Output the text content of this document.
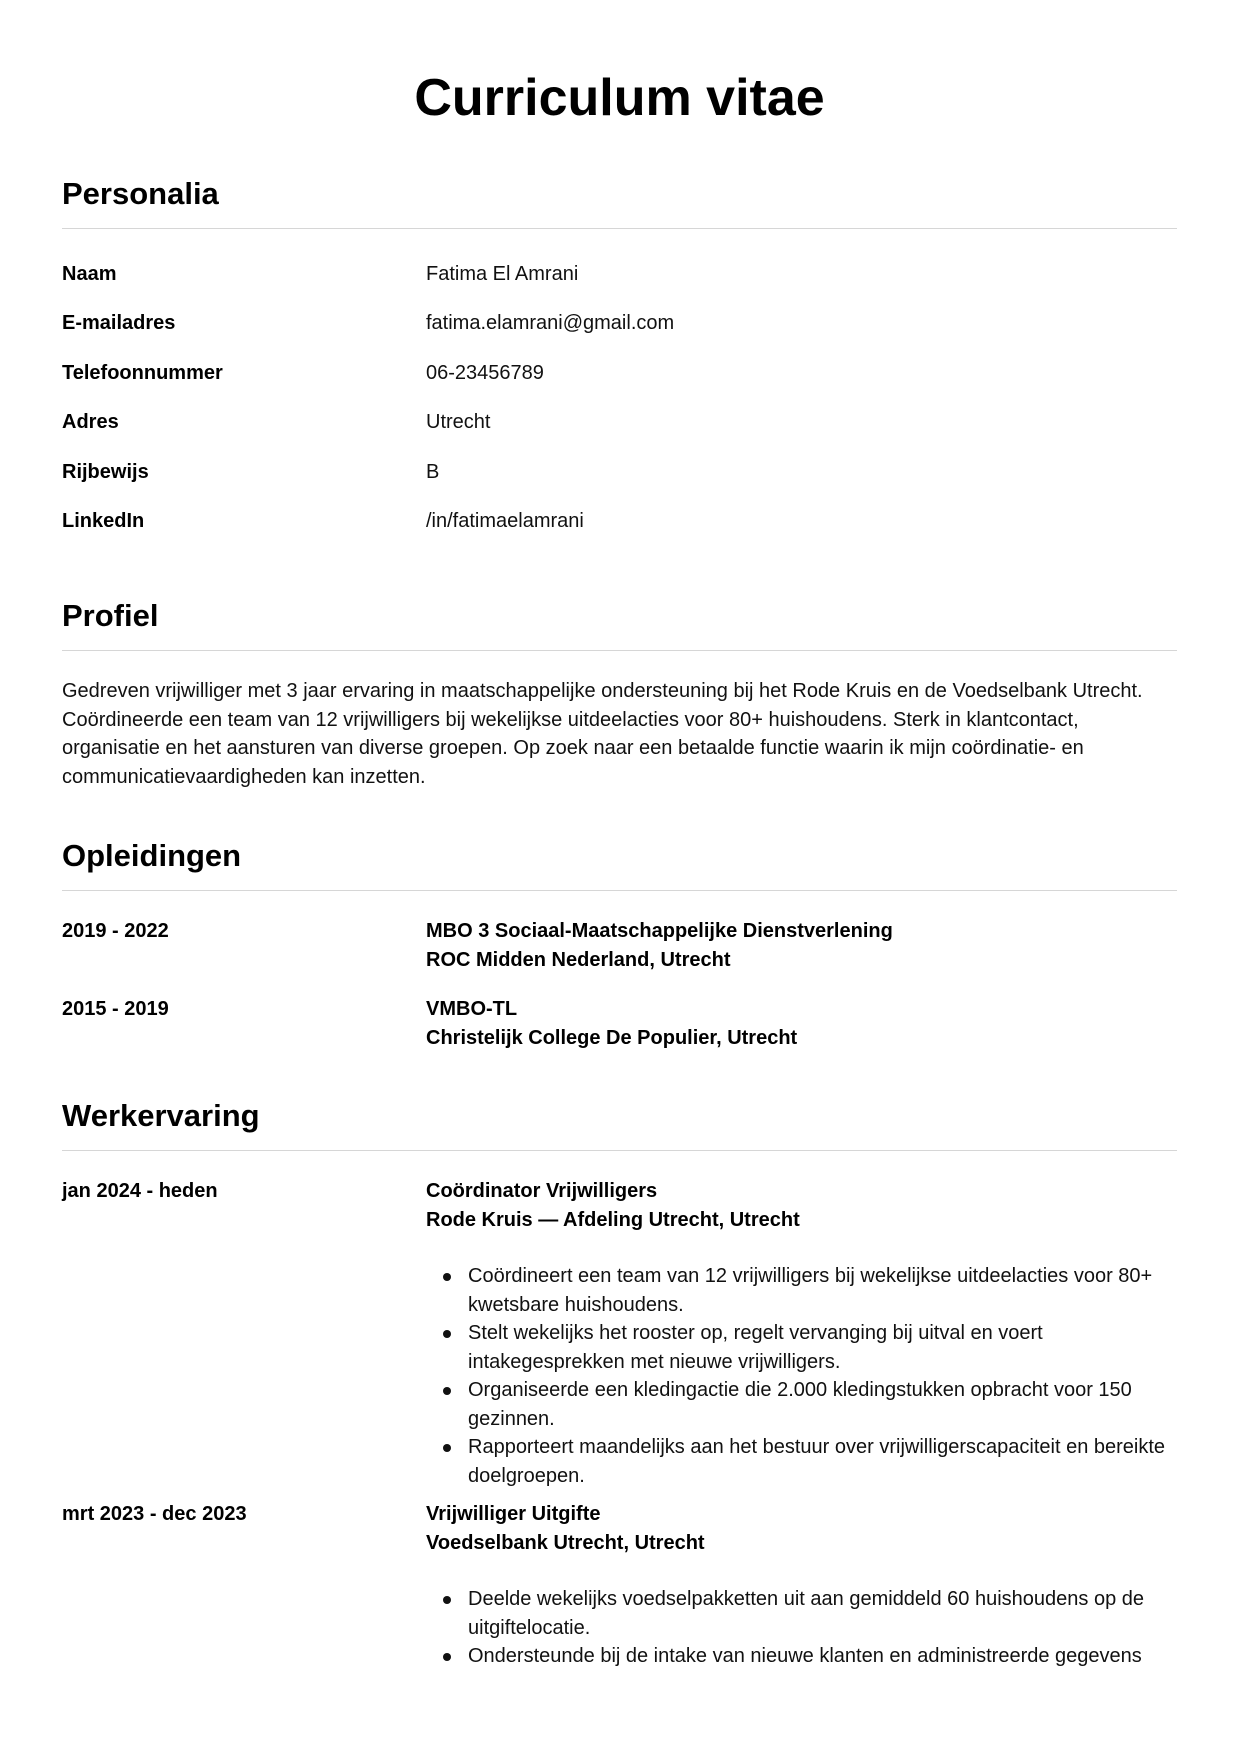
Curriculum vitae
Personalia
Naam	Fatima El Amrani
E-mailadres	fatima.elamrani@gmail.com
Telefoonnummer	06-23456789
Adres	Utrecht
Rijbewijs	B
LinkedIn	/in/fatimaelamrani
Profiel

Gedreven vrijwilliger met 3 jaar ervaring in maatschappelijke ondersteuning bij het Rode Kruis en de Voedselbank Utrecht. Coördineerde een team van 12 vrijwilligers bij wekelijkse uitdeelacties voor 80+ huishoudens. Sterk in klantcontact, organisatie en het aansturen van diverse groepen. Op zoek naar een betaalde functie waarin ik mijn coördinatie- en communicatievaardigheden kan inzetten.

Opleidingen
2019 - 2022	MBO 3 Sociaal-Maatschappelijke Dienstverlening
ROC Midden Nederland, Utrecht
2015 - 2019	VMBO-TL
Christelijk College De Populier, Utrecht
Werkervaring
jan 2024 - heden	Coördinator Vrijwilligers
Rode Kruis — Afdeling Utrecht, Utrecht
Coördineert een team van 12 vrijwilligers bij wekelijkse uitdeelacties voor 80+ kwetsbare huishoudens.
Stelt wekelijks het rooster op, regelt vervanging bij uitval en voert intakegesprekken met nieuwe vrijwilligers.
Organiseerde een kledingactie die 2.000 kledingstukken opbracht voor 150 gezinnen.
Rapporteert maandelijks aan het bestuur over vrijwilligerscapaciteit en bereikte doelgroepen.
mrt 2023 - dec 2023	Vrijwilliger Uitgifte
Voedselbank Utrecht, Utrecht
Deelde wekelijks voedselpakketten uit aan gemiddeld 60 huishoudens op de uitgiftelocatie.
Ondersteunde bij de intake van nieuwe klanten en administreerde gegevens
